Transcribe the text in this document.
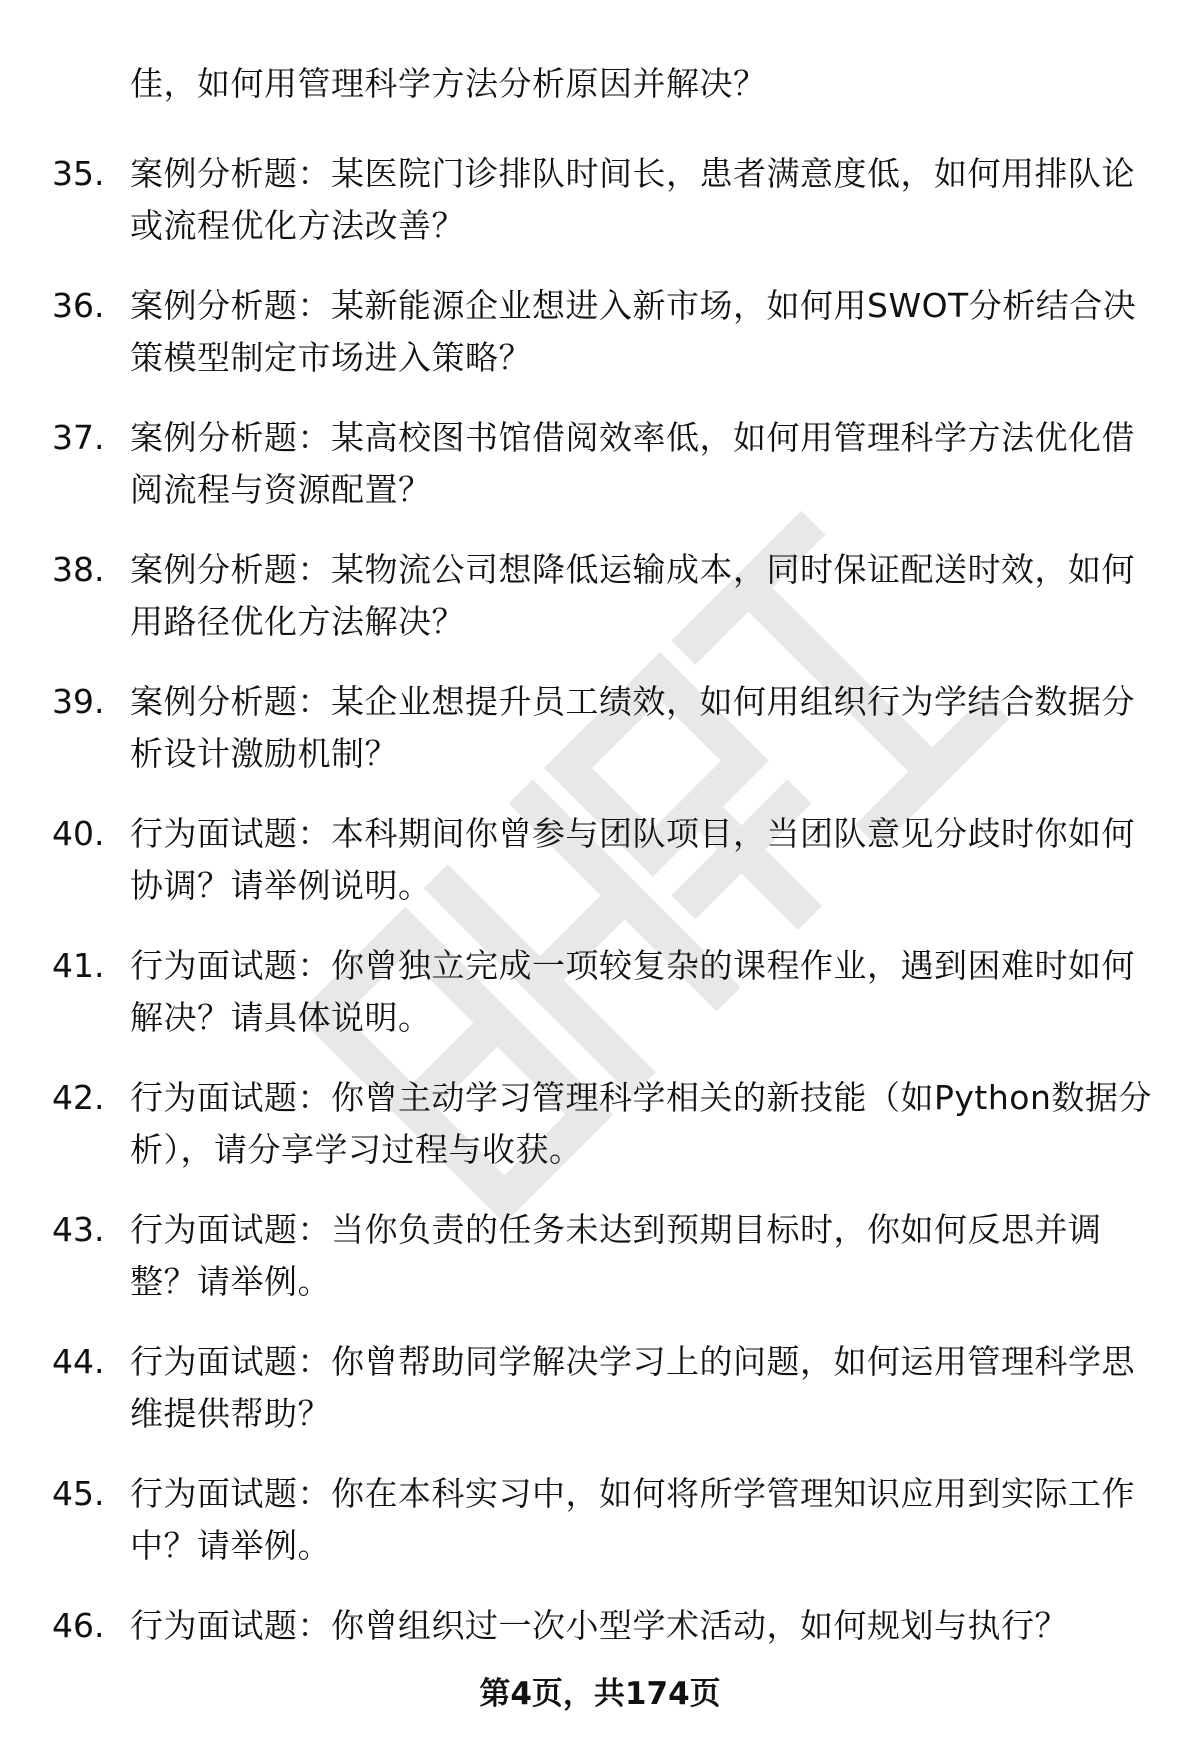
佳，如何用管理科学方法分析原因并解决？
35. 案例分析题：某医院门诊排队时间长，患者满意度低，如何用排队论或流程优化方法改善？
36. 案例分析题：某新能源企业想进入新市场，如何用SWOT分析结合决策模型制定市场进入策略？
37. 案例分析题：某高校图书馆借阅效率低，如何用管理科学方法优化借阅流程与资源配置？
38. 案例分析题：某物流公司想降低运输成本，同时保证配送时效，如何用路径优化方法解决？
39. 案例分析题：某企业想提升员工绩效，如何用组织行为学结合数据分析设计激励机制？
40. 行为面试题：本科期间你曾参与团队项目，当团队意见分歧时你如何协调？请举例说明。
41. 行为面试题：你曾独立完成一项较复杂的课程作业，遇到困难时如何解决？请具体说明。
42. 行为面试题：你曾主动学习管理科学相关的新技能（如Python数据分析），请分享学习过程与收获。
43. 行为面试题：当你负责的任务未达到预期目标时，你如何反思并调整？请举例。
44. 行为面试题：你曾帮助同学解决学习上的问题，如何运用管理科学思维提供帮助？
45. 行为面试题：你在本科实习中，如何将所学管理知识应用到实际工作中？请举例。
46. 行为面试题：你曾组织过一次小型学术活动，如何规划与执行？
第4页，共174页
